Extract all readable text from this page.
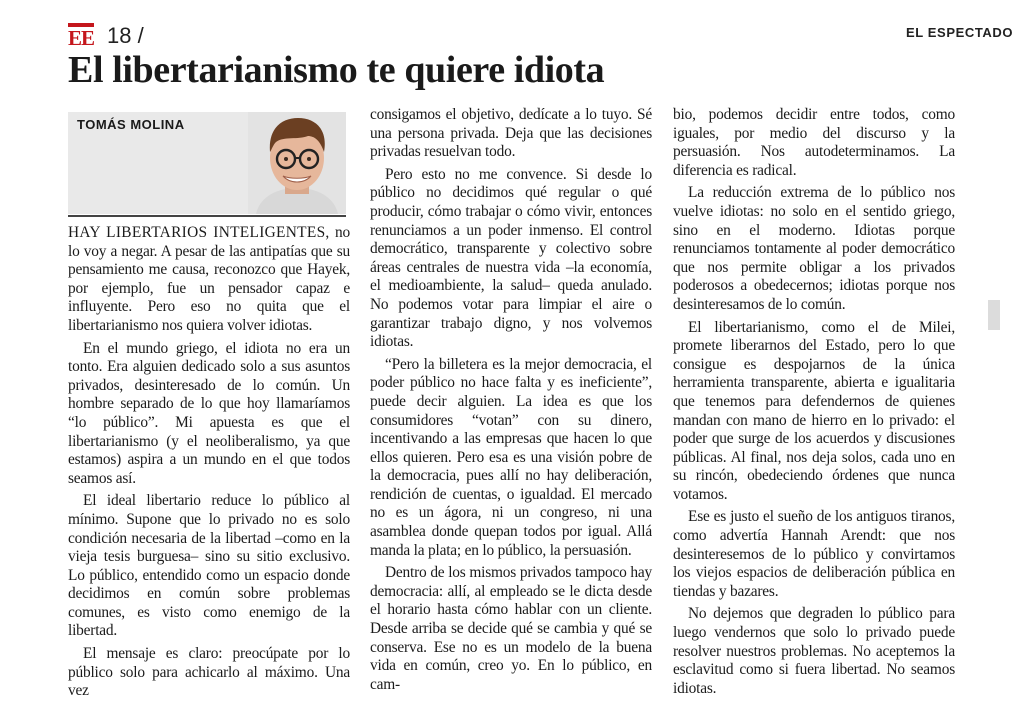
EE 18 /	EL ESPECTADO
El libertarianismo te quiere idiota
TOMÁS MOLINA

HAY LIBERTARIOS INTELIGENTES, no lo voy a negar. A pesar de las antipatías que su pensamiento me causa, reconozco que Hayek, por ejemplo, fue un pensador capaz e influyente. Pero eso no quita que el libertarianismo nos quiera volver idiotas.

En el mundo griego, el idiota no era un tonto. Era alguien dedicado solo a sus asuntos privados, desinteresado de lo común. Un hombre separado de lo que hoy llamaríamos “lo público”. Mi apuesta es que el libertarianismo (y el neoliberalismo, ya que estamos) aspira a un mundo en el que todos seamos así.

El ideal libertario reduce lo público al mínimo. Supone que lo privado no es solo condición necesaria de la libertad –como en la vieja tesis burguesa– sino su sitio exclusivo. Lo público, entendido como un espacio donde decidimos en común sobre problemas comunes, es visto como enemigo de la libertad.

El mensaje es claro: preocúpate por lo público solo para achicarlo al máximo. Una vez

consigamos el objetivo, dedícate a lo tuyo. Sé una persona privada. Deja que las decisiones privadas resuelvan todo.

Pero esto no me convence. Si desde lo público no decidimos qué regular o qué producir, cómo trabajar o cómo vivir, entonces renunciamos a un poder inmenso. El control democrático, transparente y colectivo sobre áreas centrales de nuestra vida –la economía, el medioambiente, la salud– queda anulado. No podemos votar para limpiar el aire o garantizar trabajo digno, y nos volvemos idiotas.

“Pero la billetera es la mejor democracia, el poder público no hace falta y es ineficiente”, puede decir alguien. La idea es que los consumidores “votan” con su dinero, incentivando a las empresas que hacen lo que ellos quieren. Pero esa es una visión pobre de la democracia, pues allí no hay deliberación, rendición de cuentas, o igualdad. El mercado no es un ágora, ni un congreso, ni una asamblea donde quepan todos por igual. Allá manda la plata; en lo público, la persuasión.

Dentro de los mismos privados tampoco hay democracia: allí, al empleado se le dicta desde el horario hasta cómo hablar con un cliente. Desde arriba se decide qué se cambia y qué se conserva. Ese no es un modelo de la buena vida en común, creo yo. En lo público, en cam-

bio, podemos decidir entre todos, como iguales, por medio del discurso y la persuasión. Nos autodeterminamos. La diferencia es radical.

La reducción extrema de lo público nos vuelve idiotas: no solo en el sentido griego, sino en el moderno. Idiotas porque renunciamos tontamente al poder democrático que nos permite obligar a los privados poderosos a obedecernos; idiotas porque nos desinteresamos de lo común.

El libertarianismo, como el de Milei, promete liberarnos del Estado, pero lo que consigue es despojarnos de la única herramienta transparente, abierta e igualitaria que tenemos para defendernos de quienes mandan con mano de hierro en lo privado: el poder que surge de los acuerdos y discusiones públicas. Al final, nos deja solos, cada uno en su rincón, obedeciendo órdenes que nunca votamos.

Ese es justo el sueño de los antiguos tiranos, como advertía Hannah Arendt: que nos desinteresemos de lo público y convirtamos los viejos espacios de deliberación pública en tiendas y bazares.

No dejemos que degraden lo público para luego vendernos que solo lo privado puede resolver nuestros problemas. No aceptemos la esclavitud como si fuera libertad. No seamos idiotas.
